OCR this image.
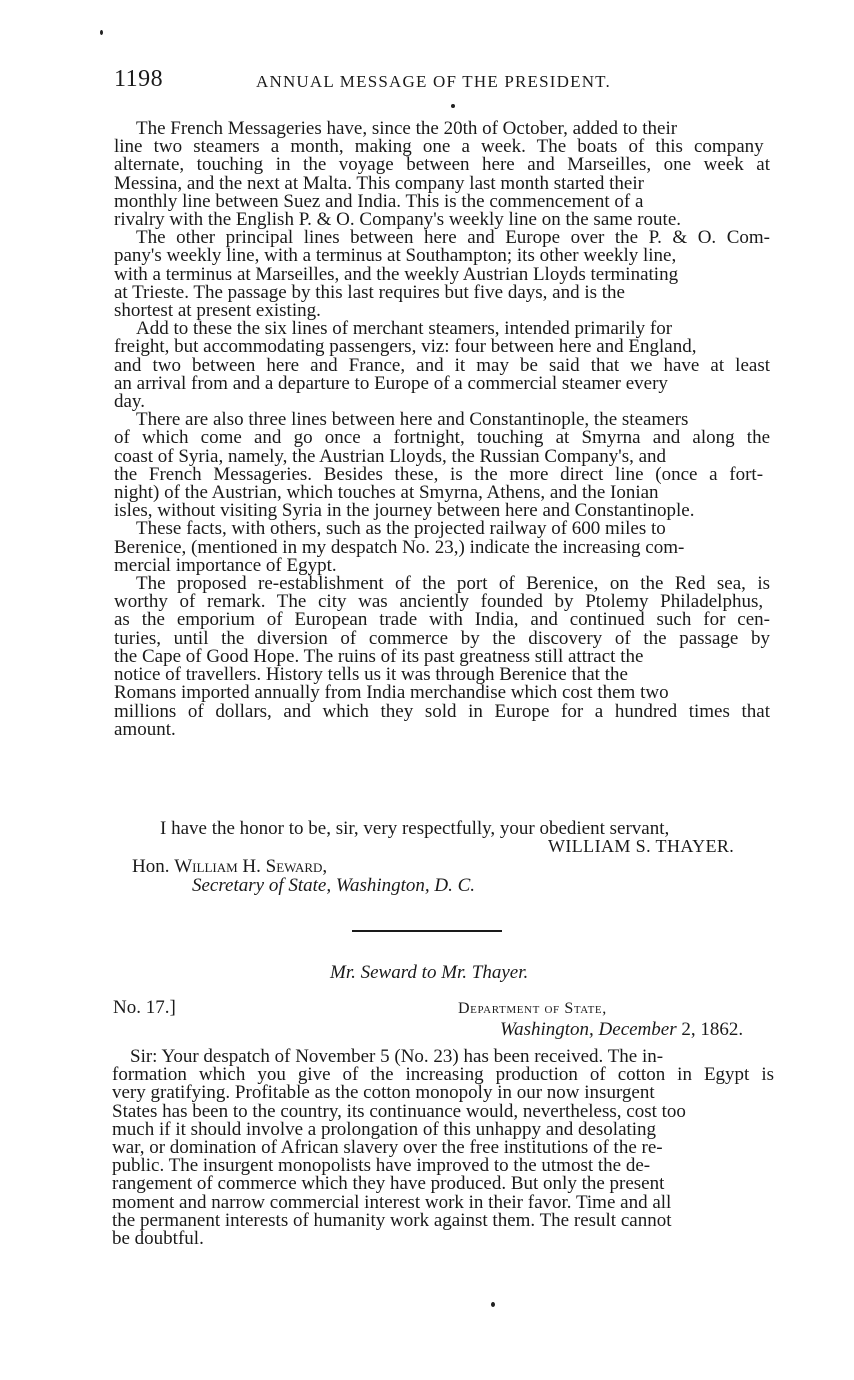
1198	ANNUAL MESSAGE OF THE PRESIDENT.

The French Messageries have, since the 20th of October, added to their
line two steamers a month, making one a week. The boats of this company
alternate, touching in the voyage between here and Marseilles, one week at
Messina, and the next at Malta. This company last month started their
monthly line between Suez and India. This is the commencement of a
rivalry with the English P. & O. Company's weekly line on the same route.

The other principal lines between here and Europe over the P. & O. Com-
pany's weekly line, with a terminus at Southampton; its other weekly line,
with a terminus at Marseilles, and the weekly Austrian Lloyds terminating
at Trieste. The passage by this last requires but five days, and is the
shortest at present existing.

Add to these the six lines of merchant steamers, intended primarily for
freight, but accommodating passengers, viz: four between here and England,
and two between here and France, and it may be said that we have at least
an arrival from and a departure to Europe of a commercial steamer every
day.

There are also three lines between here and Constantinople, the steamers
of which come and go once a fortnight, touching at Smyrna and along the
coast of Syria, namely, the Austrian Lloyds, the Russian Company's, and
the French Messageries. Besides these, is the more direct line (once a fort-
night) of the Austrian, which touches at Smyrna, Athens, and the Ionian
isles, without visiting Syria in the journey between here and Constantinople.

These facts, with others, such as the projected railway of 600 miles to
Berenice, (mentioned in my despatch No. 23,) indicate the increasing com-
mercial importance of Egypt.

The proposed re-establishment of the port of Berenice, on the Red sea, is
worthy of remark. The city was anciently founded by Ptolemy Philadelphus,
as the emporium of European trade with India, and continued such for cen-
turies, until the diversion of commerce by the discovery of the passage by
the Cape of Good Hope. The ruins of its past greatness still attract the
notice of travellers. History tells us it was through Berenice that the
Romans imported annually from India merchandise which cost them two
millions of dollars, and which they sold in Europe for a hundred times that
amount.

I have the honor to be, sir, very respectfully, your obedient servant,
WILLIAM S. THAYER.
Hon. William H. Seward,
Secretary of State, Washington, D. C.
Mr. Seward to Mr. Thayer.
No. 17.]	Department of State,
Washington, December 2, 1862.

Sir: Your despatch of November 5 (No. 23) has been received. The in-
formation which you give of the increasing production of cotton in Egypt is
very gratifying. Profitable as the cotton monopoly in our now insurgent
States has been to the country, its continuance would, nevertheless, cost too
much if it should involve a prolongation of this unhappy and desolating
war, or domination of African slavery over the free institutions of the re-
public. The insurgent monopolists have improved to the utmost the de-
rangement of commerce which they have produced. But only the present
moment and narrow commercial interest work in their favor. Time and all
the permanent interests of humanity work against them. The result cannot
be doubtful.
